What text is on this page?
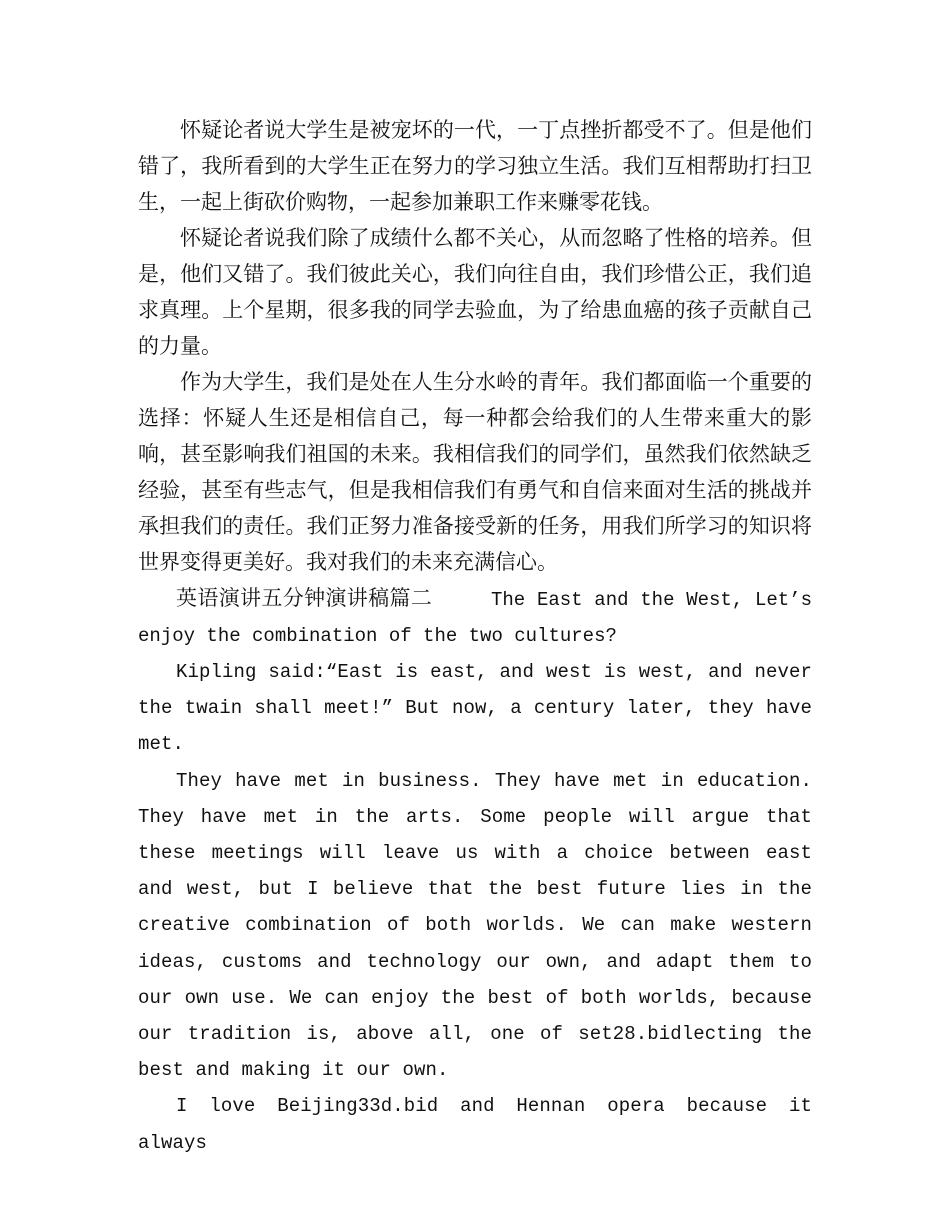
怀疑论者说大学生是被宠坏的一代，一丁点挫折都受不了。但是他们错了，我所看到的大学生正在努力的学习独立生活。我们互相帮助打扫卫生，一起上街砍价购物，一起参加兼职工作来赚零花钱。

怀疑论者说我们除了成绩什么都不关心，从而忽略了性格的培养。但是，他们又错了。我们彼此关心，我们向往自由，我们珍惜公正，我们追求真理。上个星期，很多我的同学去验血，为了给患血癌的孩子贡献自己的力量。

作为大学生，我们是处在人生分水岭的青年。我们都面临一个重要的选择：怀疑人生还是相信自己，每一种都会给我们的人生带来重大的影响，甚至影响我们祖国的未来。我相信我们的同学们，虽然我们依然缺乏经验，甚至有些志气，但是我相信我们有勇气和自信来面对生活的挑战并承担我们的责任。我们正努力准备接受新的任务，用我们所学习的知识将世界变得更美好。我对我们的未来充满信心。

英语演讲五分钟演讲稿篇二	The East and the West, Let’s enjoy the combination of the two cultures?

Kipling said:“East is east, and west is west, and never the twain shall meet!” But now, a century later, they have met.

They have met in business. They have met in education. They have met in the arts. Some people will argue that these meetings will leave us with a choice between east and west, but I believe that the best future lies in the creative combination of both worlds. We can make western ideas, customs and technology our own, and adapt them to our own use. We can enjoy the best of both worlds, because our tradition is, above all, one of set28.bidlecting the best and making it our own.

I love Beijing33d.bid and Hennan opera because it always
